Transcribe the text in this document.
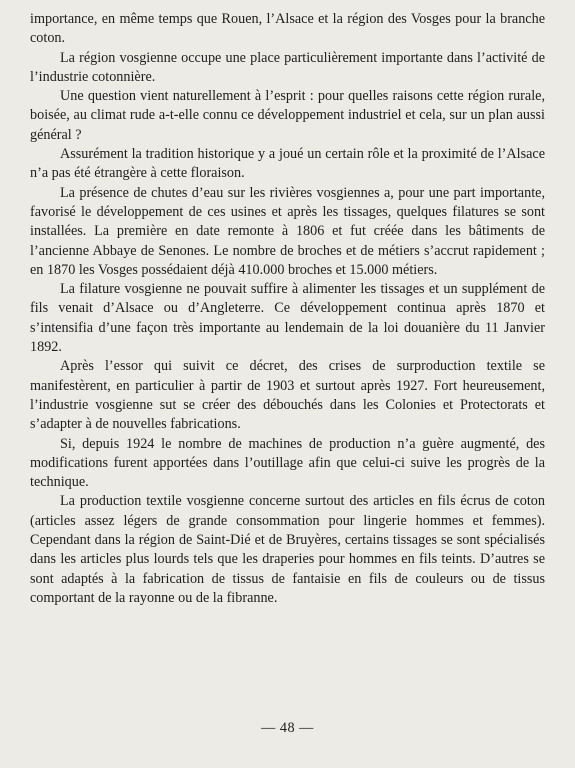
importance, en même temps que Rouen, l’Alsace et la région des Vosges pour la branche coton.

La région vosgienne occupe une place particulièrement importante dans l’activité de l’industrie cotonnière.

Une question vient naturellement à l’esprit : pour quelles raisons cette région rurale, boisée, au climat rude a-t-elle connu ce développement industriel et cela, sur un plan aussi général ?

Assurément la tradition historique y a joué un certain rôle et la proximité de l’Alsace n’a pas été étrangère à cette floraison.

La présence de chutes d’eau sur les rivières vosgiennes a, pour une part importante, favorisé le développement de ces usines et après les tissages, quelques filatures se sont installées. La première en date remonte à 1806 et fut créée dans les bâtiments de l’ancienne Abbaye de Senones. Le nombre de broches et de métiers s’accrut rapidement ; en 1870 les Vosges possédaient déjà 410.000 broches et 15.000 métiers.

La filature vosgienne ne pouvait suffire à alimenter les tissages et un supplément de fils venait d’Alsace ou d’Angleterre. Ce développement continua après 1870 et s’intensifia d’une façon très importante au lendemain de la loi douanière du 11 Janvier 1892.

Après l’essor qui suivit ce décret, des crises de surproduction textile se manifestèrent, en particulier à partir de 1903 et surtout après 1927. Fort heureusement, l’industrie vosgienne sut se créer des débouchés dans les Colonies et Protectorats et s’adapter à de nouvelles fabrications.

Si, depuis 1924 le nombre de machines de production n’a guère augmenté, des modifications furent apportées dans l’outillage afin que celui-ci suive les progrès de la technique.

La production textile vosgienne concerne surtout des articles en fils écrus de coton (articles assez légers de grande consommation pour lingerie hommes et femmes). Cependant dans la région de Saint-Dié et de Bruyères, certains tissages se sont spécialisés dans les articles plus lourds tels que les draperies pour hommes en fils teints. D’autres se sont adaptés à la fabrication de tissus de fantaisie en fils de couleurs ou de tissus comportant de la rayonne ou de la fibranne.

— 48 —
